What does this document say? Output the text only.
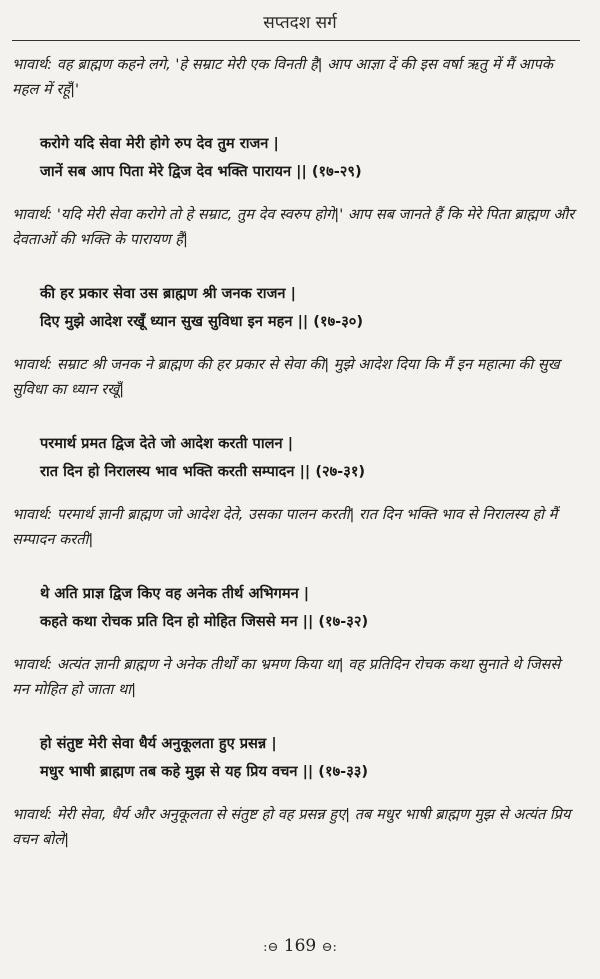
सप्तदश सर्ग

भावार्थ: वह ब्राह्मण कहने लगे, 'हे सम्राट मेरी एक विनती है| आप आज्ञा दें की इस वर्षा ऋतु में मैं आपके महल में रहूँ|'

करोगे यदि सेवा मेरी होगे रुप देव तुम राजन |
जानें सब आप पिता मेरे द्विज देव भक्ति पारायन || (१७-२९)

भावार्थ: 'यदि मेरी सेवा करोगे तो हे सम्राट, तुम देव स्वरुप होगे|' आप सब जानते हैं कि मेरे पिता ब्राह्मण और देवताओं की भक्ति के पारायण हैं|

की हर प्रकार सेवा उस ब्राह्मण श्री जनक राजन |
दिए मुझे आदेश रखूँ ध्यान सुख सुविधा इन महन || (१७-३०)

भावार्थ: सम्राट श्री जनक ने ब्राह्मण की हर प्रकार से सेवा की| मुझे आदेश दिया कि मैं इन महात्मा की सुख सुविधा का ध्यान रखूँ|

परमार्थ प्रमत द्विज देते जो आदेश करती पालन |
रात दिन हो निरालस्य भाव भक्ति करती सम्पादन || (२७-३१)

भावार्थ: परमार्थ ज्ञानी ब्राह्मण जो आदेश देते, उसका पालन करती| रात दिन भक्ति भाव से निरालस्य हो मैं सम्पादन करती|

थे अति प्राज्ञ द्विज किए वह अनेक तीर्थ अभिगमन |
कहते कथा रोचक प्रति दिन हो मोहित जिससे मन || (१७-३२)

भावार्थ: अत्यंत ज्ञानी ब्राह्मण ने अनेक तीर्थों का भ्रमण किया था| वह प्रतिदिन रोचक कथा सुनाते थे जिससे मन मोहित हो जाता था|

हो संतुष्ट मेरी सेवा धैर्य अनुकूलता हुए प्रसन्न |
मधुर भाषी ब्राह्मण तब कहे मुझ से यह प्रिय वचन || (१७-३३)

भावार्थ: मेरी सेवा, धैर्य और अनुकूलता से संतुष्ट हो वह प्रसन्न हुए| तब मधुर भाषी ब्राह्मण मुझ से अत्यंत प्रिय वचन बोले|

:⊖ 169 ⊖:
